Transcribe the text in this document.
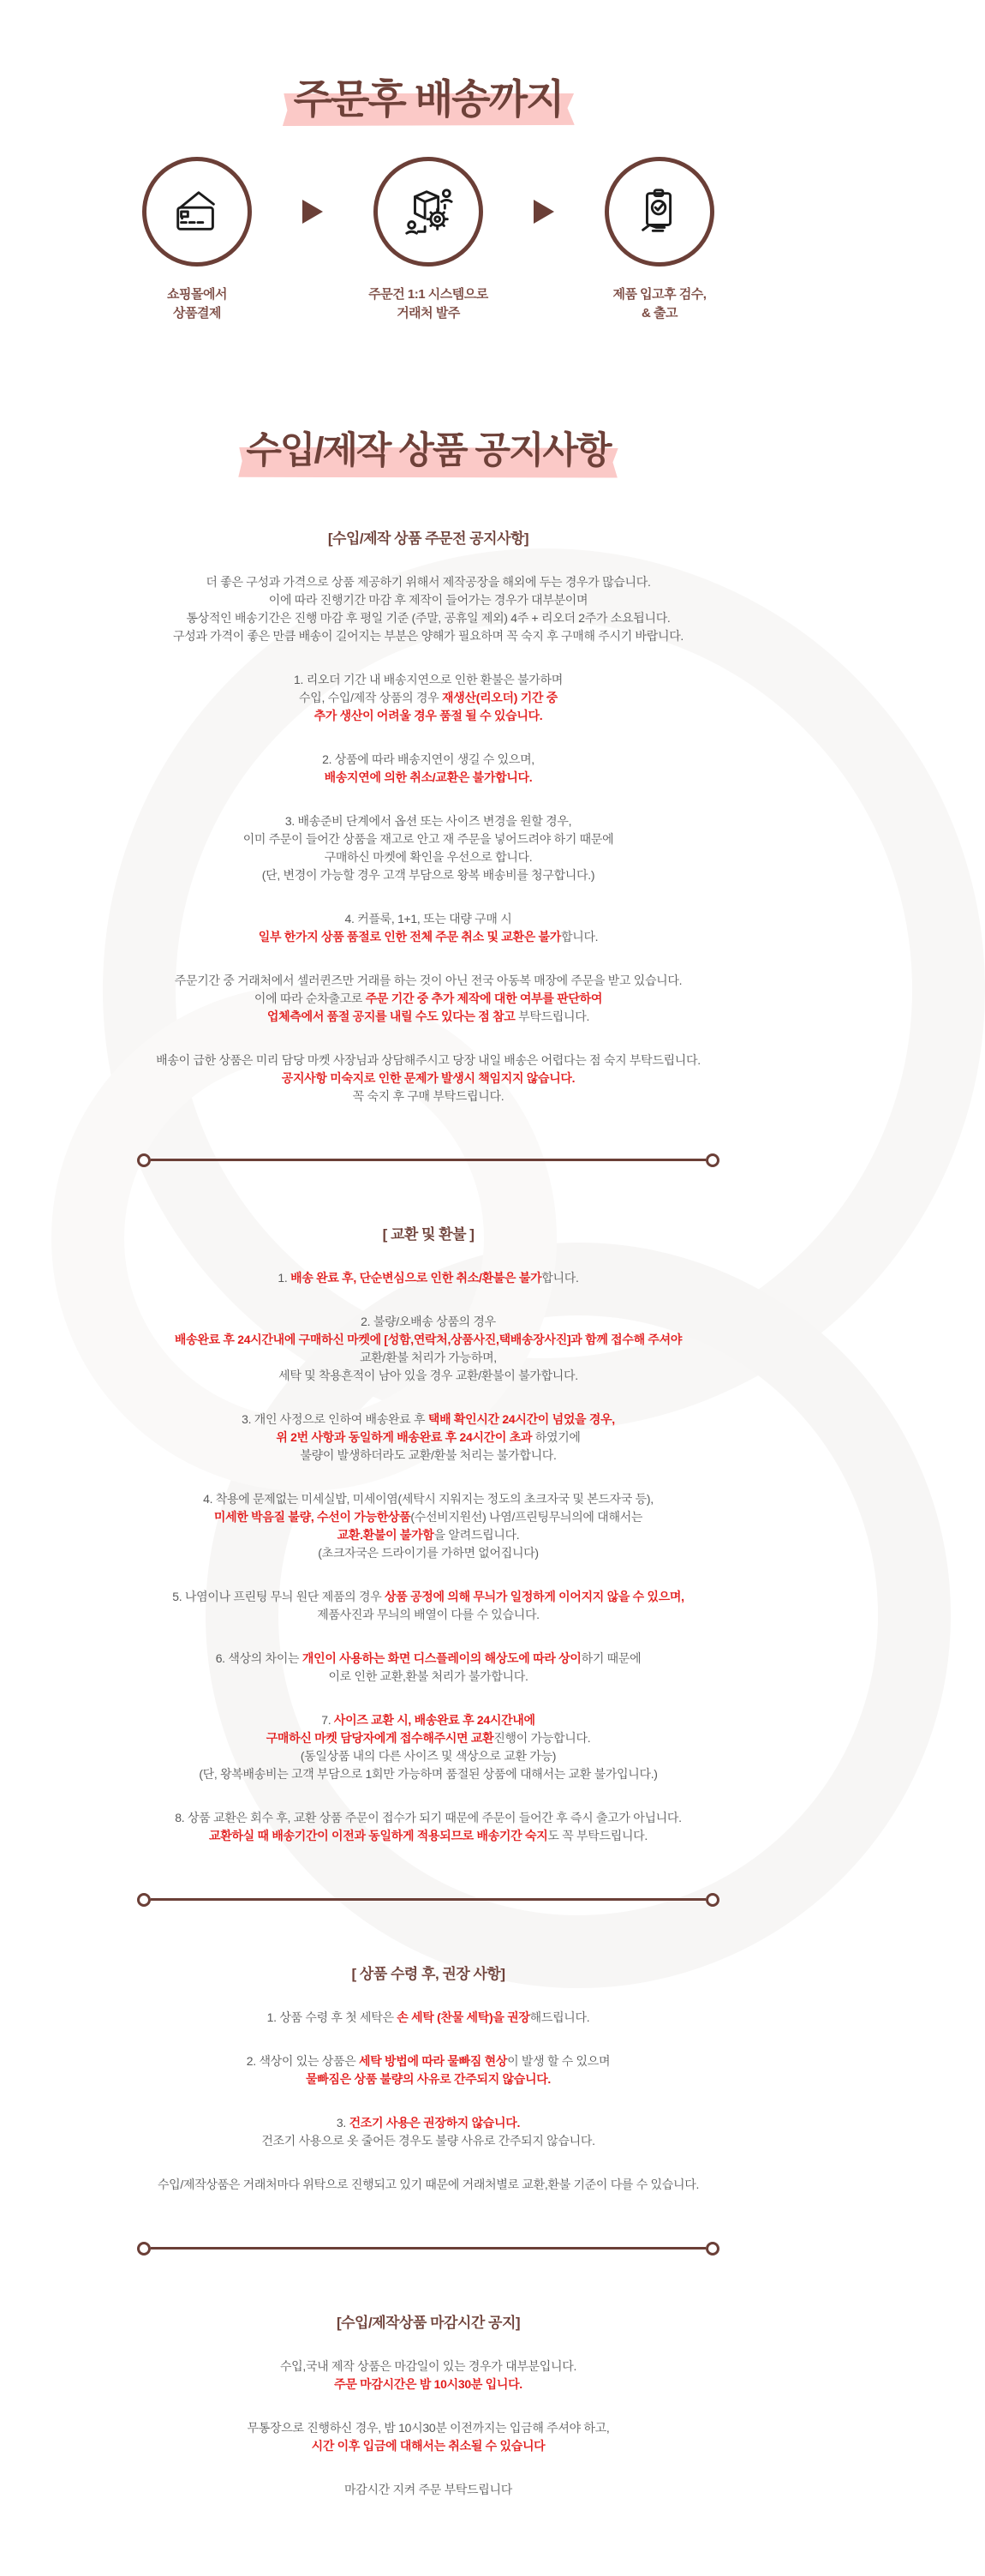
주문후 배송까지
쇼핑몰에서
상품결제
주문건 1:1 시스템으로
거래처 발주
제품 입고후 검수,
& 출고
수입/제작 상품 공지사항
[수입/제작 상품 주문전 공지사항]

더 좋은 구성과 가격으로 상품 제공하기 위해서 제작공장을 해외에 두는 경우가 많습니다.
이에 따라 진행기간 마감 후 제작이 들어가는 경우가 대부분이며
통상적인 배송기간은 진행 마감 후 평일 기준 (주말, 공휴일 제외) 4주 + 리오더 2주가 소요됩니다.
구성과 가격이 좋은 만큼 배송이 길어지는 부분은 양해가 필요하며 꼭 숙지 후 구매해 주시기 바랍니다.

1. 리오더 기간 내 배송지연으로 인한 환불은 불가하며
수입, 수입/제작 상품의 경우 재생산(리오더) 기간 중
추가 생산이 어려울 경우 품절 될 수 있습니다.

2. 상품에 따라 배송지연이 생길 수 있으며,
배송지연에 의한 취소/교환은 불가합니다.

3. 배송준비 단계에서 옵션 또는 사이즈 변경을 원할 경우,
이미 주문이 들어간 상품을 재고로 안고 재 주문을 넣어드려야 하기 때문에
구매하신 마켓에 확인을 우선으로 합니다.
(단, 변경이 가능할 경우 고객 부담으로 왕복 배송비를 청구합니다.)

4. 커플룩, 1+1, 또는 대량 구매 시
일부 한가지 상품 품절로 인한 전체 주문 취소 및 교환은 불가합니다.

주문기간 중 거래처에서 셀러퀸즈만 거래를 하는 것이 아닌 전국 아동복 매장에 주문을 받고 있습니다.
이에 따라 순차출고로 주문 기간 중 추가 제작에 대한 여부를 판단하여
업체측에서 품절 공지를 내릴 수도 있다는 점 참고 부탁드립니다.

배송이 급한 상품은 미리 담당 마켓 사장님과 상담해주시고 당장 내일 배송은 어렵다는 점 숙지 부탁드립니다.
공지사항 미숙지로 인한 문제가 발생시 책임지지 않습니다.
꼭 숙지 후 구매 부탁드립니다.

[ 교환 및 환불 ]

1. 배송 완료 후, 단순변심으로 인한 취소/환불은 불가합니다.

2. 불량/오배송 상품의 경우
배송완료 후 24시간내에 구매하신 마켓에 [성함,연락처,상품사진,택배송장사진]과 함께 접수해 주셔야
교환/환불 처리가 가능하며,
세탁 및 착용흔적이 남아 있을 경우 교환/환불이 불가합니다.

3. 개인 사정으로 인하여 배송완료 후 택배 확인시간 24시간이 넘었을 경우,
위 2번 사항과 동일하게 배송완료 후 24시간이 초과 하였기에
불량이 발생하더라도 교환/환불 처리는 불가합니다.

4. 착용에 문제없는 미세실밥, 미세이염(세탁시 지워지는 정도의 초크자국 및 본드자국 등),
미세한 박음질 불량, 수선이 가능한상품(수선비지원선) 나염/프린팅무늬의에 대해서는
교환.환불이 불가함을 알려드립니다.
(초크자국은 드라이기를 가하면 없어집니다)

5. 나염이나 프린팅 무늬 원단 제품의 경우 상품 공정에 의해 무늬가 일정하게 이어지지 않을 수 있으며,
제품사진과 무늬의 배열이 다를 수 있습니다.

6. 색상의 차이는 개인이 사용하는 화면 디스플레이의 해상도에 따라 상이하기 때문에
이로 인한 교환,환불 처리가 불가합니다.

7. 사이즈 교환 시, 배송완료 후 24시간내에
구매하신 마켓 담당자에게 접수해주시면 교환진행이 가능합니다.
(동일상품 내의 다른 사이즈 및 색상으로 교환 가능)
(단, 왕복배송비는 고객 부담으로 1회만 가능하며 품절된 상품에 대해서는 교환 불가입니다.)

8. 상품 교환은 회수 후, 교환 상품 주문이 접수가 되기 때문에 주문이 들어간 후 즉시 출고가 아닙니다.
교환하실 때 배송기간이 이전과 동일하게 적용되므로 배송기간 숙지도 꼭 부탁드립니다.

[ 상품 수령 후, 권장 사항]

1. 상품 수령 후 첫 세탁은 손 세탁 (찬물 세탁)을 권장해드립니다.

2. 색상이 있는 상품은 세탁 방법에 따라 물빠짐 현상이 발생 할 수 있으며
물빠짐은 상품 불량의 사유로 간주되지 않습니다.

3. 건조기 사용은 권장하지 않습니다.
건조기 사용으로 옷 줄어든 경우도 불량 사유로 간주되지 않습니다.

수입/제작상품은 거래처마다 위탁으로 진행되고 있기 때문에 거래처별로 교환,환불 기준이 다를 수 있습니다.

[수입/제작상품 마감시간 공지]

수입,국내 제작 상품은 마감일이 있는 경우가 대부분입니다.
주문 마감시간은 밤 10시30분 입니다.

무통장으로 진행하신 경우, 밤 10시30분 이전까지는 입금해 주셔야 하고,
시간 이후 입금에 대해서는 취소될 수 있습니다

마감시간 지켜 주문 부탁드립니다
